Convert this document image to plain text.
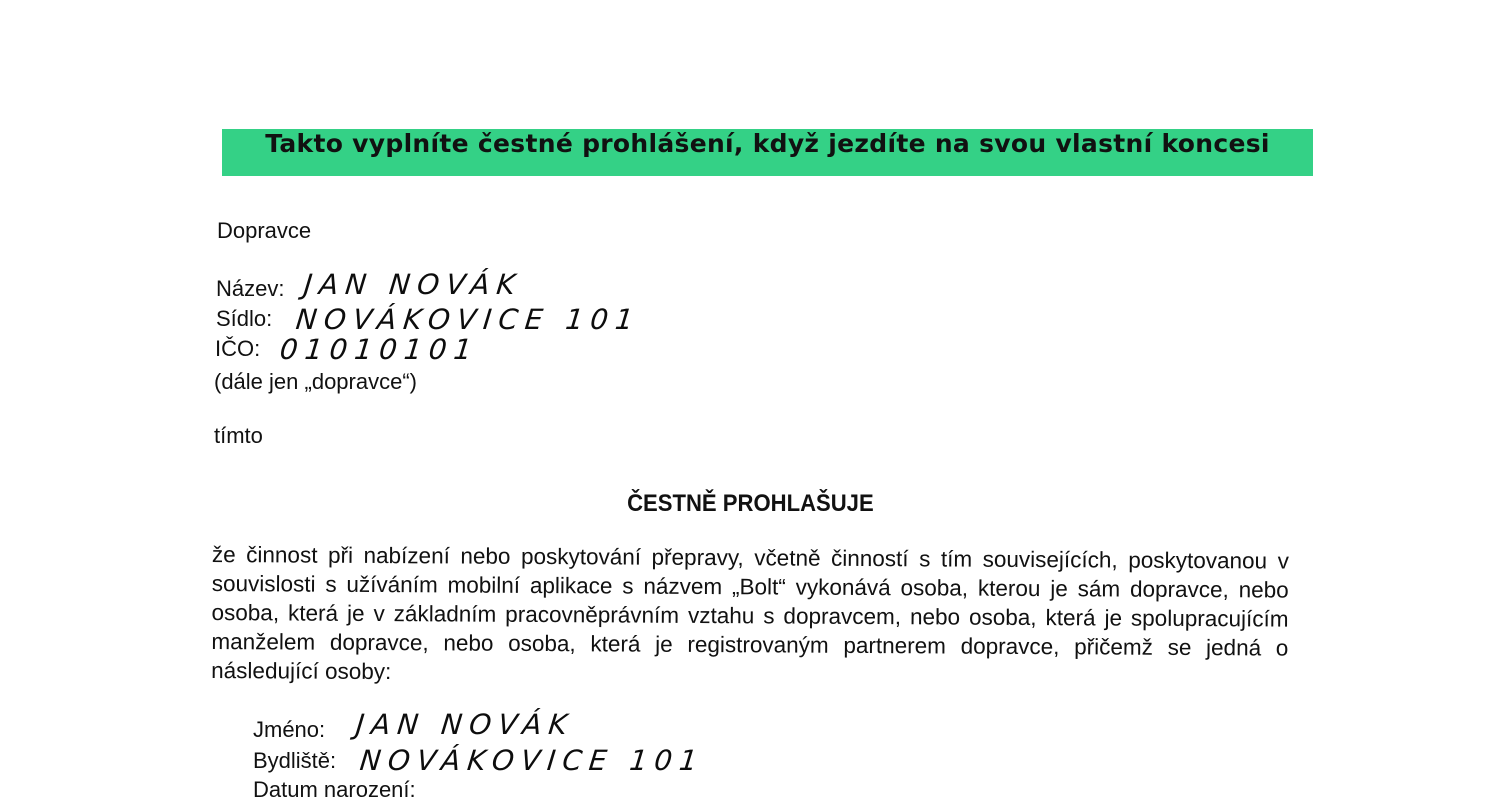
Takto vyplníte čestné prohlášení, když jezdíte na svou vlastní koncesi
Dopravce
Název: JAN NOVÁK
Sídlo: NOVÁKOVICE 101
IČO: 01010101
(dále jen „dopravce“)
tímto
ČESTNĚ PROHLAŠUJE
že činnost při nabízení nebo poskytování přepravy, včetně činností s tím souvisejících, poskytovanou v souvislosti s užíváním mobilní aplikace s názvem „Bolt“ vykonává osoba, kterou je sám dopravce, nebo osoba, která je v základním pracovněprávním vztahu s dopravcem, nebo osoba, která je spolupracujícím manželem dopravce, nebo osoba, která je registrovaným partnerem dopravce, přičemž se jedná o následující osoby:
Jméno: JAN NOVÁK
Bydliště: NOVÁKOVICE 101
Datum narození:
